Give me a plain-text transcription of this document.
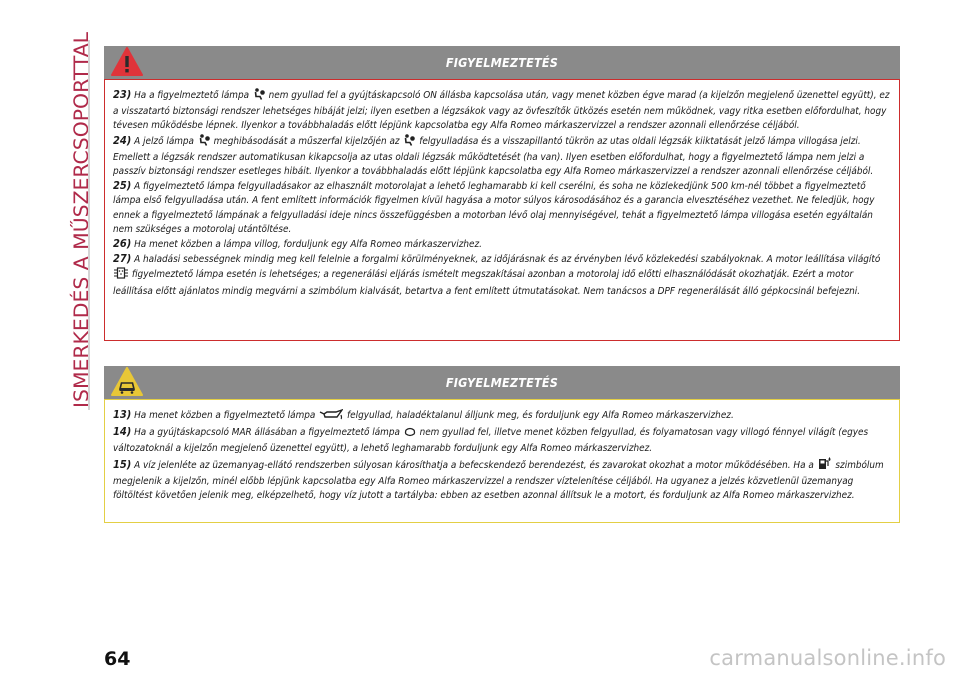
ISMERKEDÉS A MŰSZERCSOPORTTAL	FIGYELMEZTETÉS

23) Ha a figyelmeztető lámpa  nem gyullad fel a gyújtáskapcsoló ON állásba kapcsolása után, vagy menet közben égve marad (a kijelzőn megjelenő üzenettel együtt), ez a visszatartó biztonsági rendszer lehetséges hibáját jelzi; ilyen esetben a légzsákok vagy az övfeszítők ütközés esetén nem működnek, vagy ritka esetben előfordulhat, hogy tévesen működésbe lépnek. Ilyenkor a továbbhaladás előtt lépjünk kapcsolatba egy Alfa Romeo márkaszervizzel a rendszer azonnali ellenőrzése céljából.

24) A jelző lámpa  meghibásodását a műszerfal kijelzőjén az  felgyulladása és a visszapillantó tükrön az utas oldali légzsák kiiktatását jelző lámpa villogása jelzi. Emellett a légzsák rendszer automatikusan kikapcsolja az utas oldali légzsák működtetését (ha van). Ilyen esetben előfordulhat, hogy a figyelmeztető lámpa nem jelzi a passzív biztonsági rendszer esetleges hibáit. Ilyenkor a továbbhaladás előtt lépjünk kapcsolatba egy Alfa Romeo márkaszervizzel a rendszer azonnali ellenőrzése céljából.

25) A figyelmeztető lámpa felgyulladásakor az elhasznált motorolajat a lehető leghamarabb ki kell cserélni, és soha ne közlekedjünk 500 km-nél többet a figyelmeztető lámpa első felgyulladása után. A fent említett információk figyelmen kívül hagyása a motor súlyos károsodásához és a garancia elvesztéséhez vezethet. Ne feledjük, hogy ennek a figyelmeztető lámpának a felgyulladási ideje nincs összefüggésben a motorban lévő olaj mennyiségével, tehát a figyelmeztető lámpa villogása esetén egyáltalán nem szükséges a motorolaj utántöltése.

26) Ha menet közben a lámpa villog, forduljunk egy Alfa Romeo márkaszervizhez.

27) A haladási sebességnek mindig meg kell felelnie a forgalmi körülményeknek, az időjárásnak és az érvényben lévő közlekedési szabályoknak. A motor leállítása világító  figyelmeztető lámpa esetén is lehetséges; a regenerálási eljárás ismételt megszakításai azonban a motorolaj idő előtti elhasználódását okozhatják. Ezért a motor leállítása előtt ajánlatos mindig megvárni a szimbólum kialvását, betartva a fent említett útmutatásokat. Nem tanácsos a DPF regenerálását álló gépkocsinál befejezni.

FIGYELMEZTETÉS

13) Ha menet közben a figyelmeztető lámpa	felgyullad, haladéktalanul álljunk meg, és forduljunk egy Alfa Romeo márkaszervizhez.

14) Ha a gyújtáskapcsoló MAR állásában a figyelmeztető lámpa  nem gyullad fel, illetve menet közben felgyullad, és folyamatosan vagy villogó fénnyel világít (egyes változatoknál a kijelzőn megjelenő üzenettel együtt), a lehető leghamarabb forduljunk egy Alfa Romeo márkaszervizhez.

15) A víz jelenléte az üzemanyag-ellátó rendszerben súlyosan károsíthatja a befecskendező berendezést, és zavarokat okozhat a motor működésében. Ha a  szimbólum megjelenik a kijelzőn, minél előbb lépjünk kapcsolatba egy Alfa Romeo márkaszervizzel a rendszer víztelenítése céljából. Ha ugyanez a jelzés közvetlenül üzemanyag föltöltést követően jelenik meg, elképzelhető, hogy víz jutott a tartályba: ebben az esetben azonnal állítsuk le a motort, és forduljunk az Alfa Romeo márkaszervizhez.

64	carmanualsonline.info
